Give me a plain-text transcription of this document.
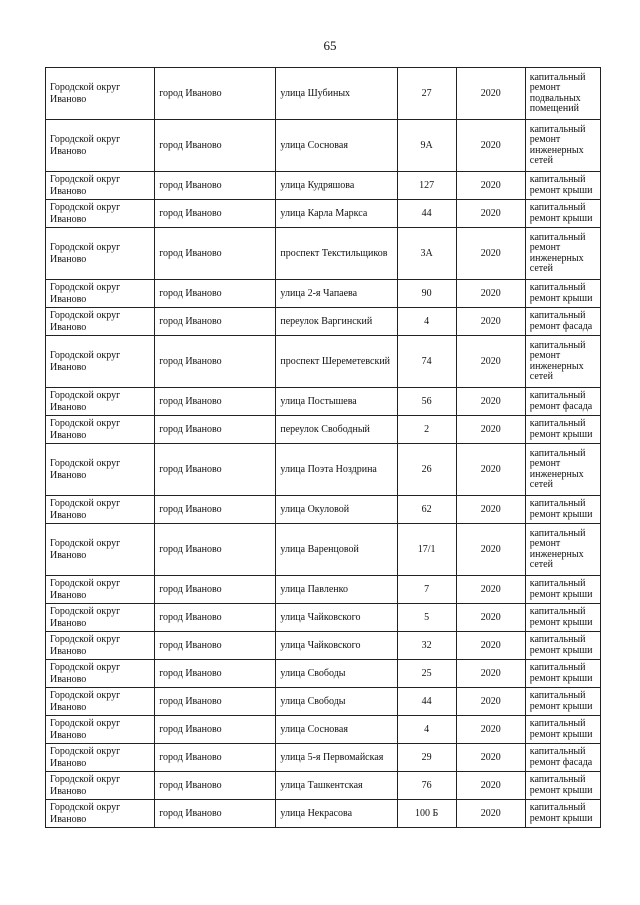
65
Городской округ Иваново	город Иваново	улица Шубиных	27	2020	капитальный ремонт подвальных помещений
Городской округ Иваново	город Иваново	улица Сосновая	9А	2020	капитальный ремонт инженерных сетей
Городской округ Иваново	город Иваново	улица Кудряшова	127	2020	капитальный ремонт крыши
Городской округ Иваново	город Иваново	улица Карла Маркса	44	2020	капитальный ремонт крыши
Городской округ Иваново	город Иваново	проспект Текстильщиков	3А	2020	капитальный ремонт инженерных сетей
Городской округ Иваново	город Иваново	улица 2-я Чапаева	90	2020	капитальный ремонт крыши
Городской округ Иваново	город Иваново	переулок Варгинский	4	2020	капитальный ремонт фасада
Городской округ Иваново	город Иваново	проспект Шереметевский	74	2020	капитальный ремонт инженерных сетей
Городской округ Иваново	город Иваново	улица Постышева	56	2020	капитальный ремонт фасада
Городской округ Иваново	город Иваново	переулок Свободный	2	2020	капитальный ремонт крыши
Городской округ Иваново	город Иваново	улица Поэта Ноздрина	26	2020	капитальный ремонт инженерных сетей
Городской округ Иваново	город Иваново	улица Окуловой	62	2020	капитальный ремонт крыши
Городской округ Иваново	город Иваново	улица Варенцовой	17/1	2020	капитальный ремонт инженерных сетей
Городской округ Иваново	город Иваново	улица Павленко	7	2020	капитальный ремонт крыши
Городской округ Иваново	город Иваново	улица Чайковского	5	2020	капитальный ремонт крыши
Городской округ Иваново	город Иваново	улица Чайковского	32	2020	капитальный ремонт крыши
Городской округ Иваново	город Иваново	улица Свободы	25	2020	капитальный ремонт крыши
Городской округ Иваново	город Иваново	улица Свободы	44	2020	капитальный ремонт крыши
Городской округ Иваново	город Иваново	улица Сосновая	4	2020	капитальный ремонт крыши
Городской округ Иваново	город Иваново	улица 5-я Первомайская	29	2020	капитальный ремонт фасада
Городской округ Иваново	город Иваново	улица Ташкентская	76	2020	капитальный ремонт крыши
Городской округ Иваново	город Иваново	улица Некрасова	100 Б	2020	капитальный ремонт крыши
